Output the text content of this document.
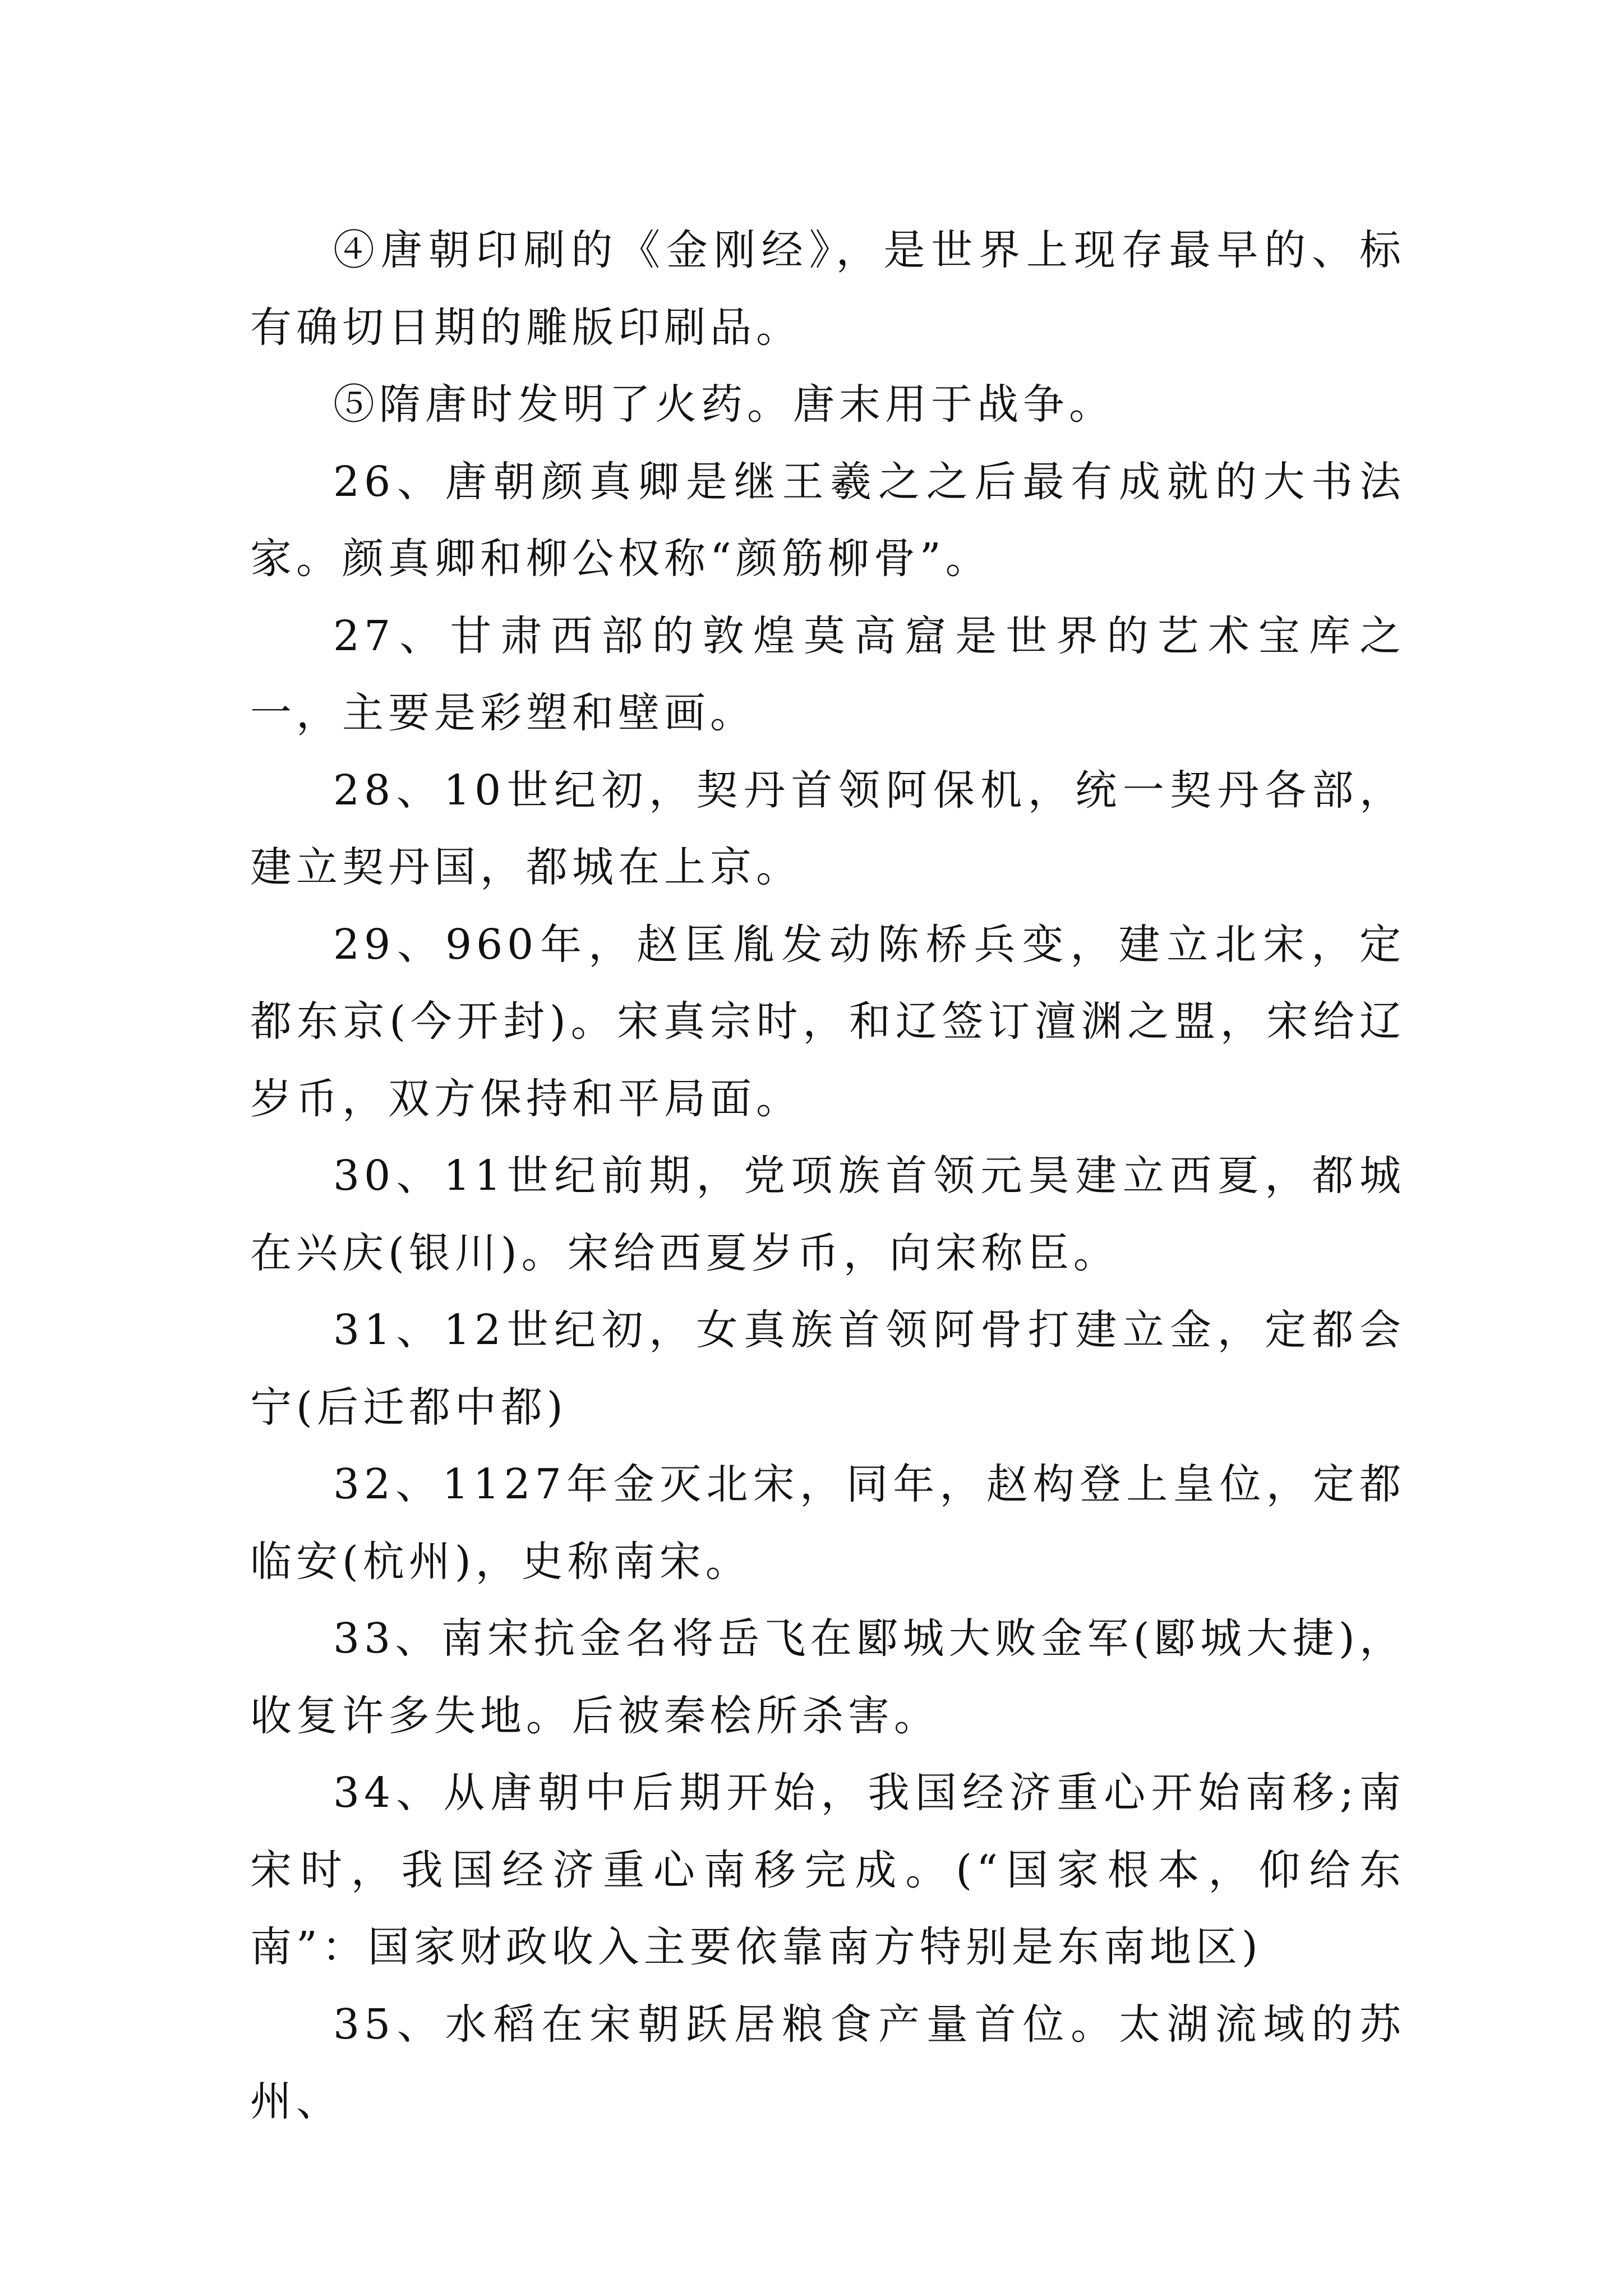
④唐朝印刷的《金刚经》，是世界上现存最早的、标有确切日期的雕版印刷品。

⑤隋唐时发明了火药。唐末用于战争。

26、唐朝颜真卿是继王羲之之后最有成就的大书法家。颜真卿和柳公权称“颜筋柳骨”。

27、甘肃西部的敦煌莫高窟是世界的艺术宝库之一，主要是彩塑和壁画。

28、10世纪初，契丹首领阿保机，统一契丹各部，建立契丹国，都城在上京。

29、960年，赵匡胤发动陈桥兵变，建立北宋，定都东京(今开封)。宋真宗时，和辽签订澶渊之盟，宋给辽岁币，双方保持和平局面。

30、11世纪前期，党项族首领元昊建立西夏，都城在兴庆(银川)。宋给西夏岁币，向宋称臣。

31、12世纪初，女真族首领阿骨打建立金，定都会宁(后迁都中都)

32、1127年金灭北宋，同年，赵构登上皇位，定都临安(杭州)，史称南宋。

33、南宋抗金名将岳飞在郾城大败金军(郾城大捷)，收复许多失地。后被秦桧所杀害。

34、从唐朝中后期开始，我国经济重心开始南移;南宋时，我国经济重心南移完成。(“国家根本，仰给东南”：国家财政收入主要依靠南方特别是东南地区)

35、水稻在宋朝跃居粮食产量首位。太湖流域的苏州、
